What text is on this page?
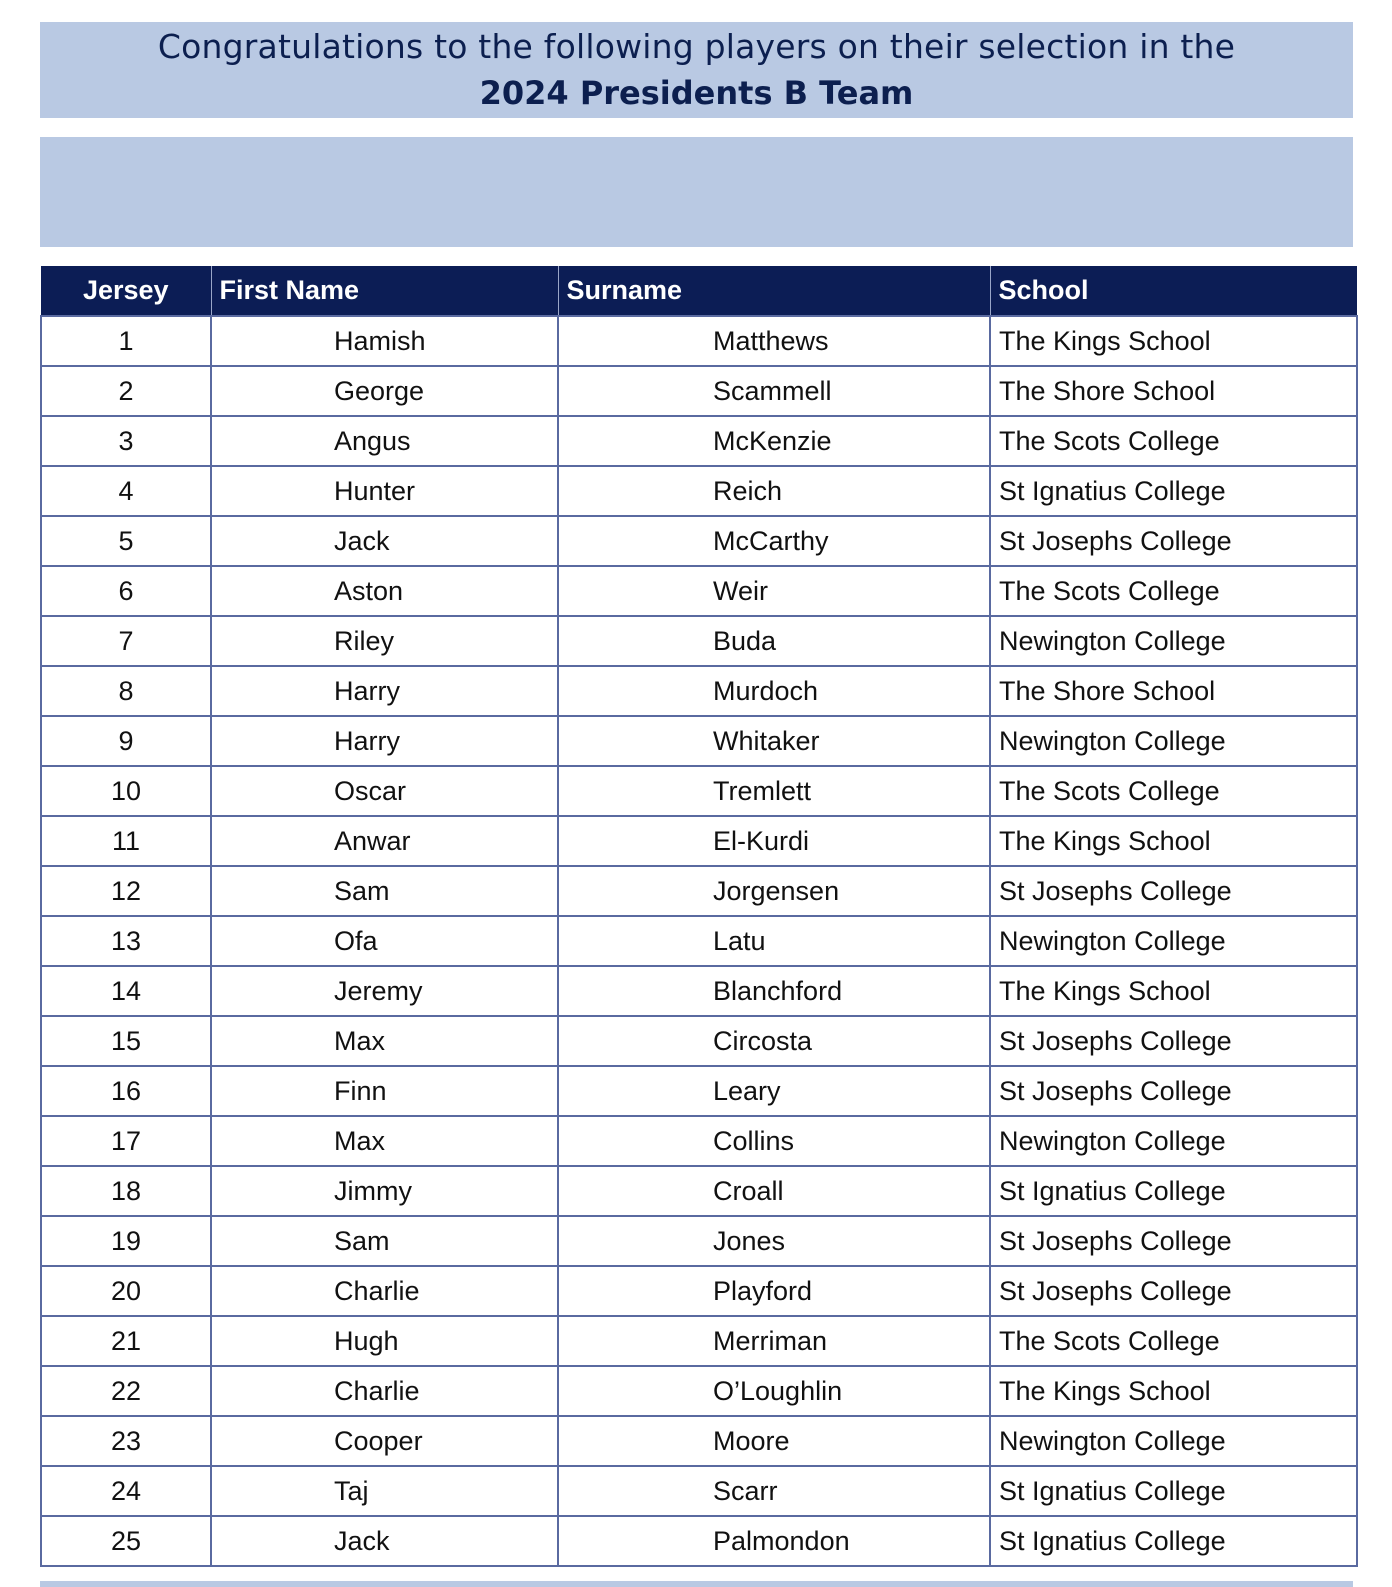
Congratulations to the following players on their selection in the
2024 Presidents B Team
Jersey	First Name	Surname	School
1	Hamish	Matthews	The Kings School
2	George	Scammell	The Shore School
3	Angus	McKenzie	The Scots College
4	Hunter	Reich	St Ignatius College
5	Jack	McCarthy	St Josephs College
6	Aston	Weir	The Scots College
7	Riley	Buda	Newington College
8	Harry	Murdoch	The Shore School
9	Harry	Whitaker	Newington College
10	Oscar	Tremlett	The Scots College
11	Anwar	El-Kurdi	The Kings School
12	Sam	Jorgensen	St Josephs College
13	Ofa	Latu	Newington College
14	Jeremy	Blanchford	The Kings School
15	Max	Circosta	St Josephs College
16	Finn	Leary	St Josephs College
17	Max	Collins	Newington College
18	Jimmy	Croall	St Ignatius College
19	Sam	Jones	St Josephs College
20	Charlie	Playford	St Josephs College
21	Hugh	Merriman	The Scots College
22	Charlie	O’Loughlin	The Kings School
23	Cooper	Moore	Newington College
24	Taj	Scarr	St Ignatius College
25	Jack	Palmondon	St Ignatius College
